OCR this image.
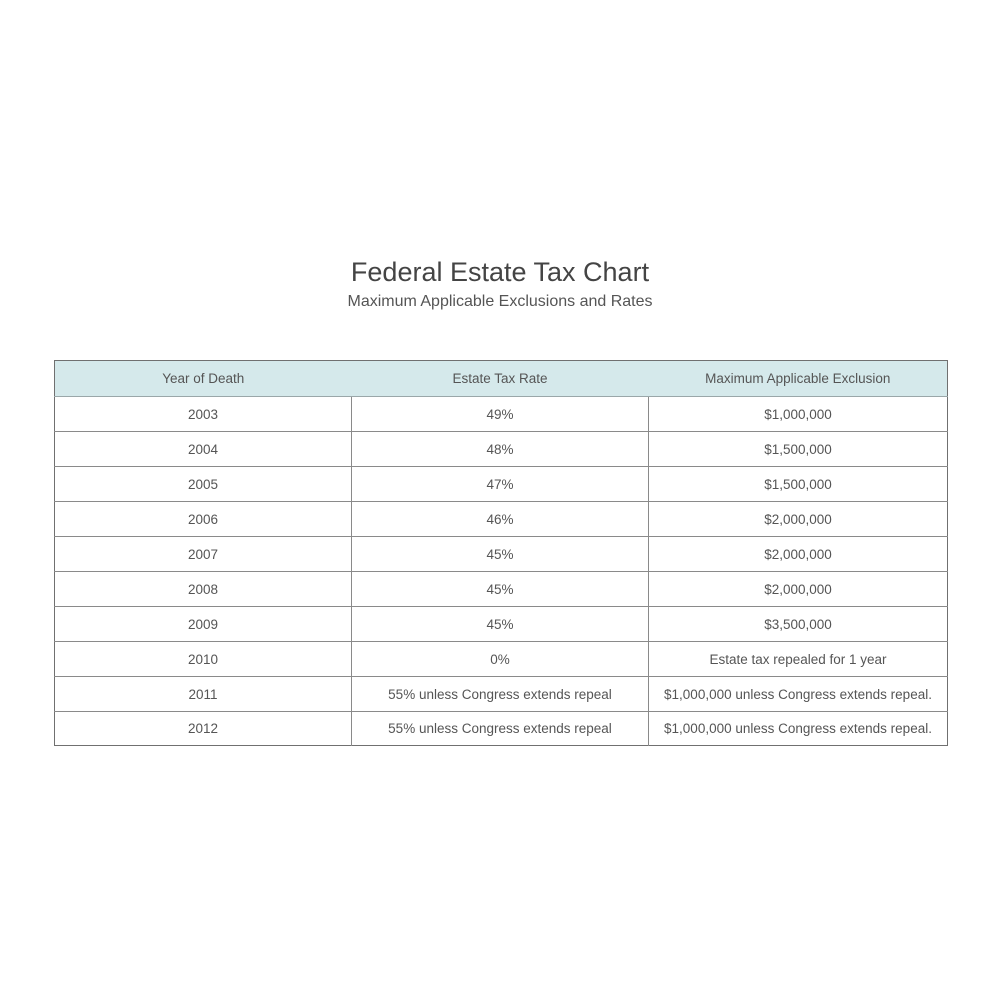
Federal Estate Tax Chart
Maximum Applicable Exclusions and Rates
Year of Death	Estate Tax Rate	Maximum Applicable Exclusion
2003	49%	$1,000,000
2004	48%	$1,500,000
2005	47%	$1,500,000
2006	46%	$2,000,000
2007	45%	$2,000,000
2008	45%	$2,000,000
2009	45%	$3,500,000
2010	0%	Estate tax repealed for 1 year
2011	55% unless Congress extends repeal	$1,000,000 unless Congress extends repeal.
2012	55% unless Congress extends repeal	$1,000,000 unless Congress extends repeal.
